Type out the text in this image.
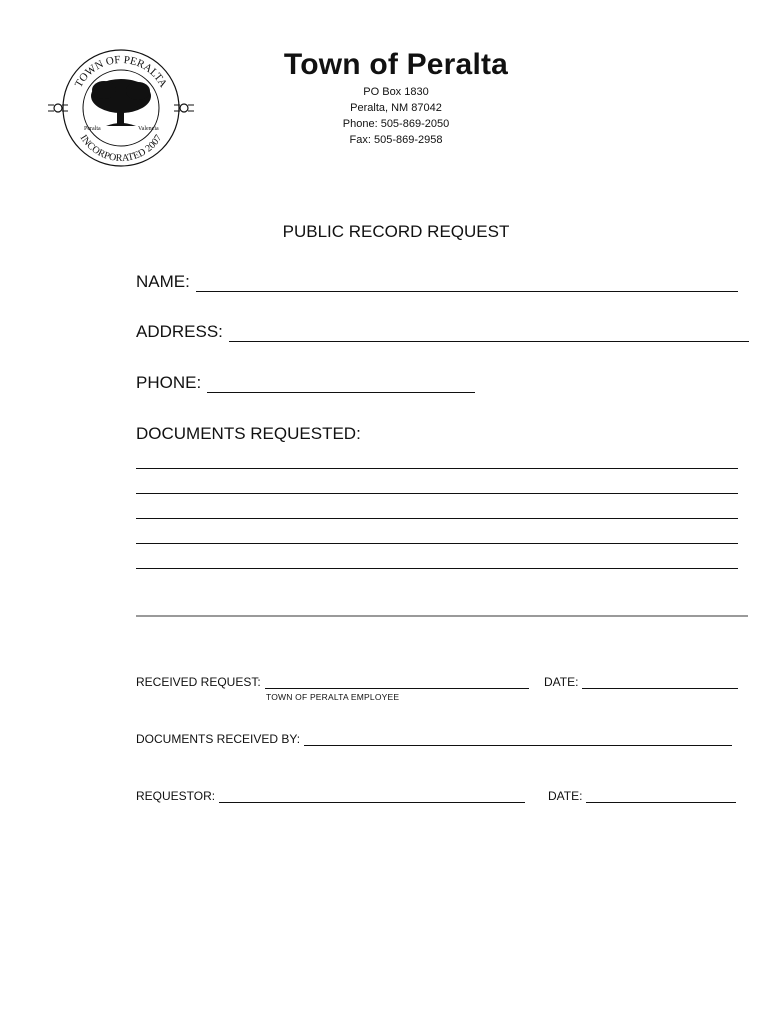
TOWN OF PERALTA
INCORPORATED 2007
Peralta	Valencia
Town of Peralta
PO Box 1830
Peralta, NM 87042
Phone: 505-869-2050
Fax: 505-869-2958
PUBLIC RECORD REQUEST
NAME:
ADDRESS:
PHONE:
DOCUMENTS REQUESTED:
RECEIVED REQUEST:	DATE:
TOWN OF PERALTA EMPLOYEE
DOCUMENTS RECEIVED BY:
REQUESTOR:	DATE:
